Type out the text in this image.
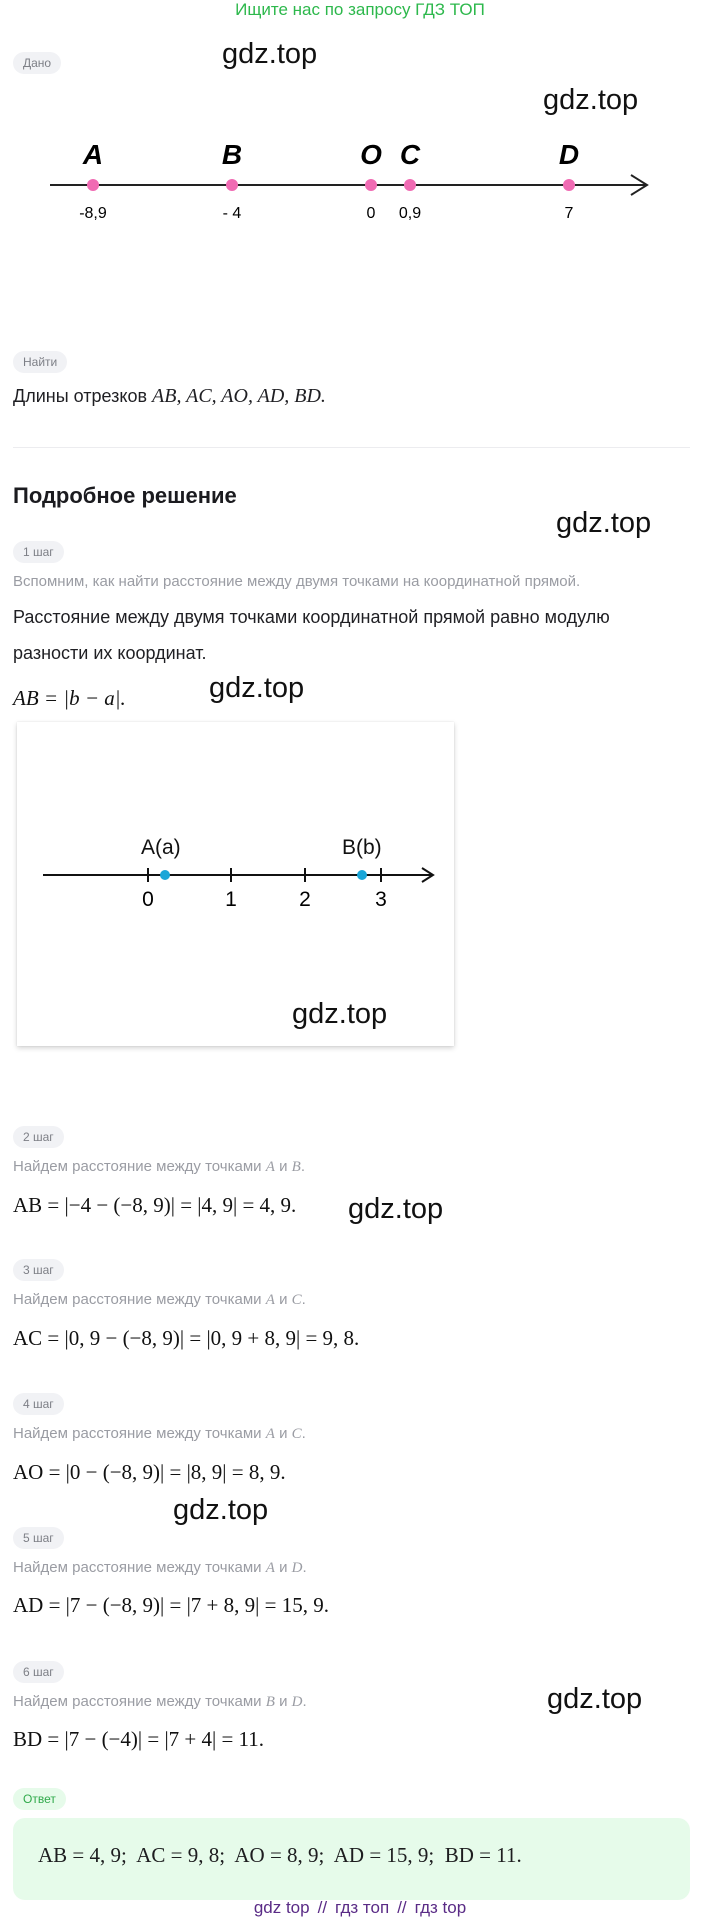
Ищите нас по запросу ГДЗ ТОП
Дано	gdz.top
gdz.top
A
-8,9
B
- 4
O
0
C
0,9
D
7
Найти
Длины отрезков AB, AC, AO, AD, BD.
Подробное решение
gdz.top
1 шаг
Вспомним, как найти расстояние между двумя точками на координатной прямой.
Расстояние между двумя точками координатной прямой равно модулю
разности их координат.
AB = |b − a|.	gdz.top
0	1	2	3
A(a)	B(b)
gdz.top
2 шаг
Найдем расстояние между точками A и B.
AB = |−4 − (−8, 9)| = |4, 9| = 4, 9. gdz.top
3 шаг
Найдем расстояние между точками A и C.
AC = |0, 9 − (−8, 9)| = |0, 9 + 8, 9| = 9, 8.
4 шаг
Найдем расстояние между точками A и C.
AO = |0 − (−8, 9)| = |8, 9| = 8, 9.
gdz.top
5 шаг
Найдем расстояние между точками A и D.
AD = |7 − (−8, 9)| = |7 + 8, 9| = 15, 9.
6 шаг
Найдем расстояние между точками B и D.
BD = |7 − (−4)| = |7 + 4| = 11.
gdz.top
Ответ
AB = 4, 9;  AC = 9, 8;  AO = 8, 9;  AD = 15, 9;  BD = 11.
gdz top // гдз топ // гдз top
